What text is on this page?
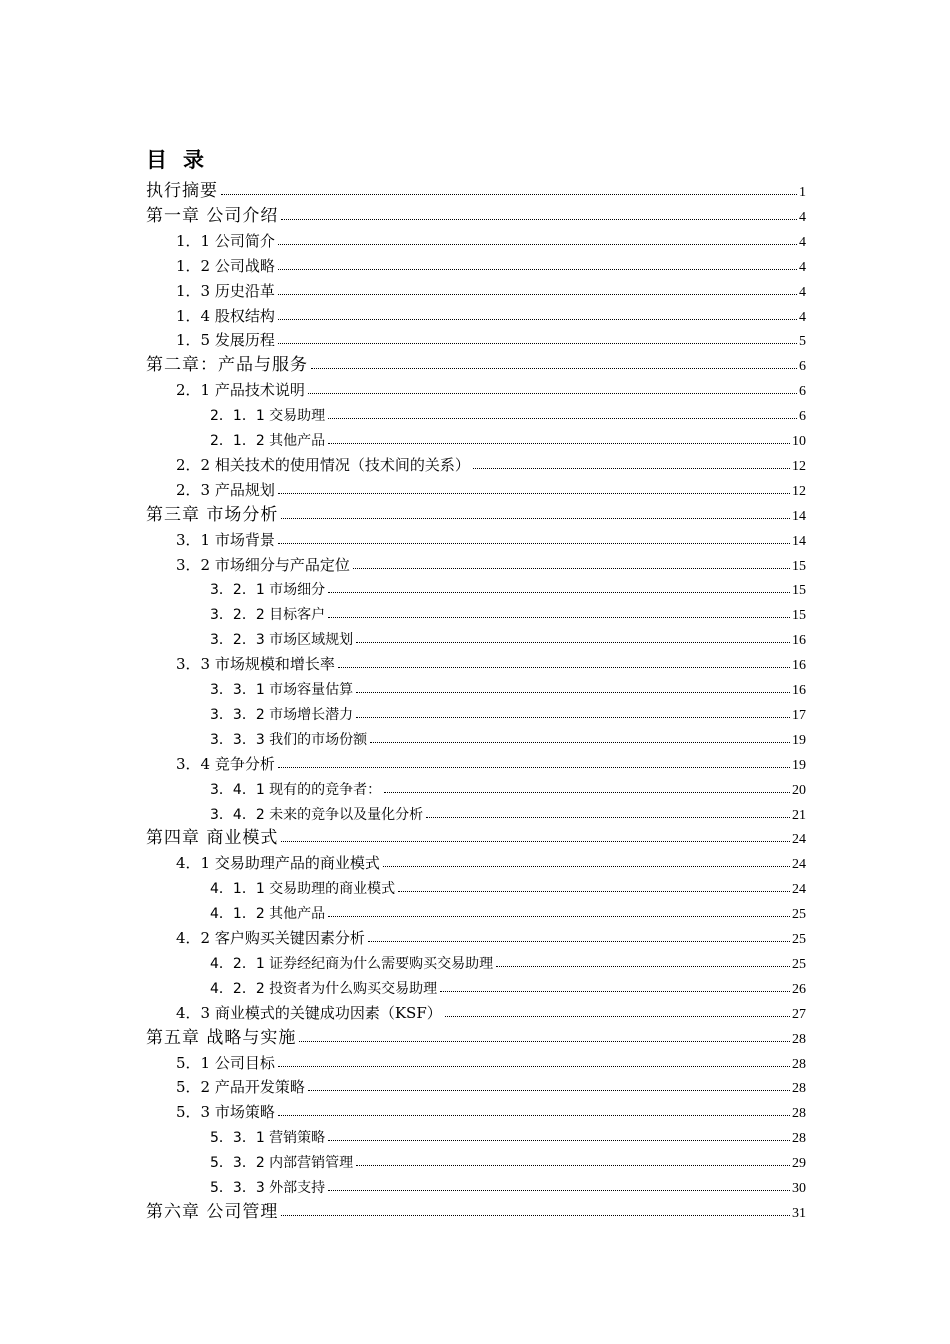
目录
执行摘要	1
第一章 公司介绍	4
1．1 公司简介	4
1．2 公司战略	4
1．3 历史沿革	4
1．4 股权结构	4
1．5 发展历程	5
第二章：产品与服务	6
2．1 产品技术说明	6
2．1．1 交易助理	6
2．1．2 其他产品	10
2．2 相关技术的使用情况（技术间的关系）	12
2．3 产品规划	12
第三章 市场分析	14
3．1 市场背景	14
3．2 市场细分与产品定位	15
3．2．1 市场细分	15
3．2．2 目标客户	15
3．2．3 市场区域规划	16
3．3 市场规模和增长率	16
3．3．1 市场容量估算	16
3．3．2 市场增长潜力	17
3．3．3 我们的市场份额	19
3．4 竞争分析	19
3．4．1 现有的的竞争者：	20
3．4．2 未来的竞争以及量化分析	21
第四章 商业模式	24
4．1 交易助理产品的商业模式	24
4．1．1 交易助理的商业模式	24
4．1．2 其他产品	25
4．2 客户购买关键因素分析	25
4．2．1 证券经纪商为什么需要购买交易助理	25
4．2．2 投资者为什么购买交易助理	26
4．3 商业模式的关键成功因素（KSF）	27
第五章 战略与实施	28
5．1 公司目标	28
5．2 产品开发策略	28
5．3 市场策略	28
5．3．1 营销策略	28
5．3．2 内部营销管理	29
5．3．3 外部支持	30
第六章 公司管理	31
